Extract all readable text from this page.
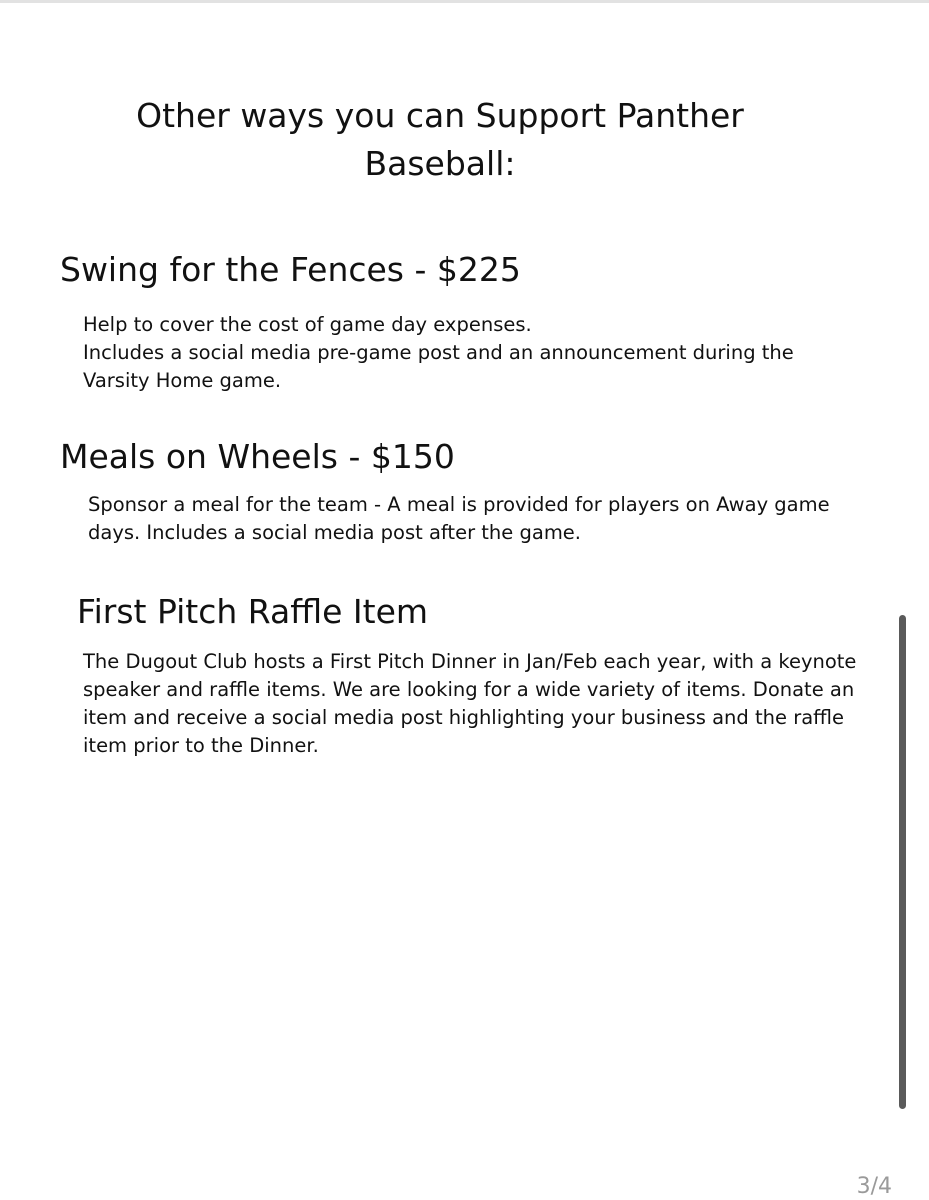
Other ways you can Support Panther Baseball:
Swing for the Fences - $225

Help to cover the cost of game day expenses.
Includes a social media pre-game post and an announcement during the Varsity Home game.

Meals on Wheels - $150

Sponsor a meal for the team - A meal is provided for players on Away game days. Includes a social media post after the game.

First Pitch Raffle Item

The Dugout Club hosts a First Pitch Dinner in Jan/Feb each year, with a keynote speaker and raffle items. We are looking for a wide variety of items. Donate an item and receive a social media post highlighting your business and the raffle item prior to the Dinner.

3/4
